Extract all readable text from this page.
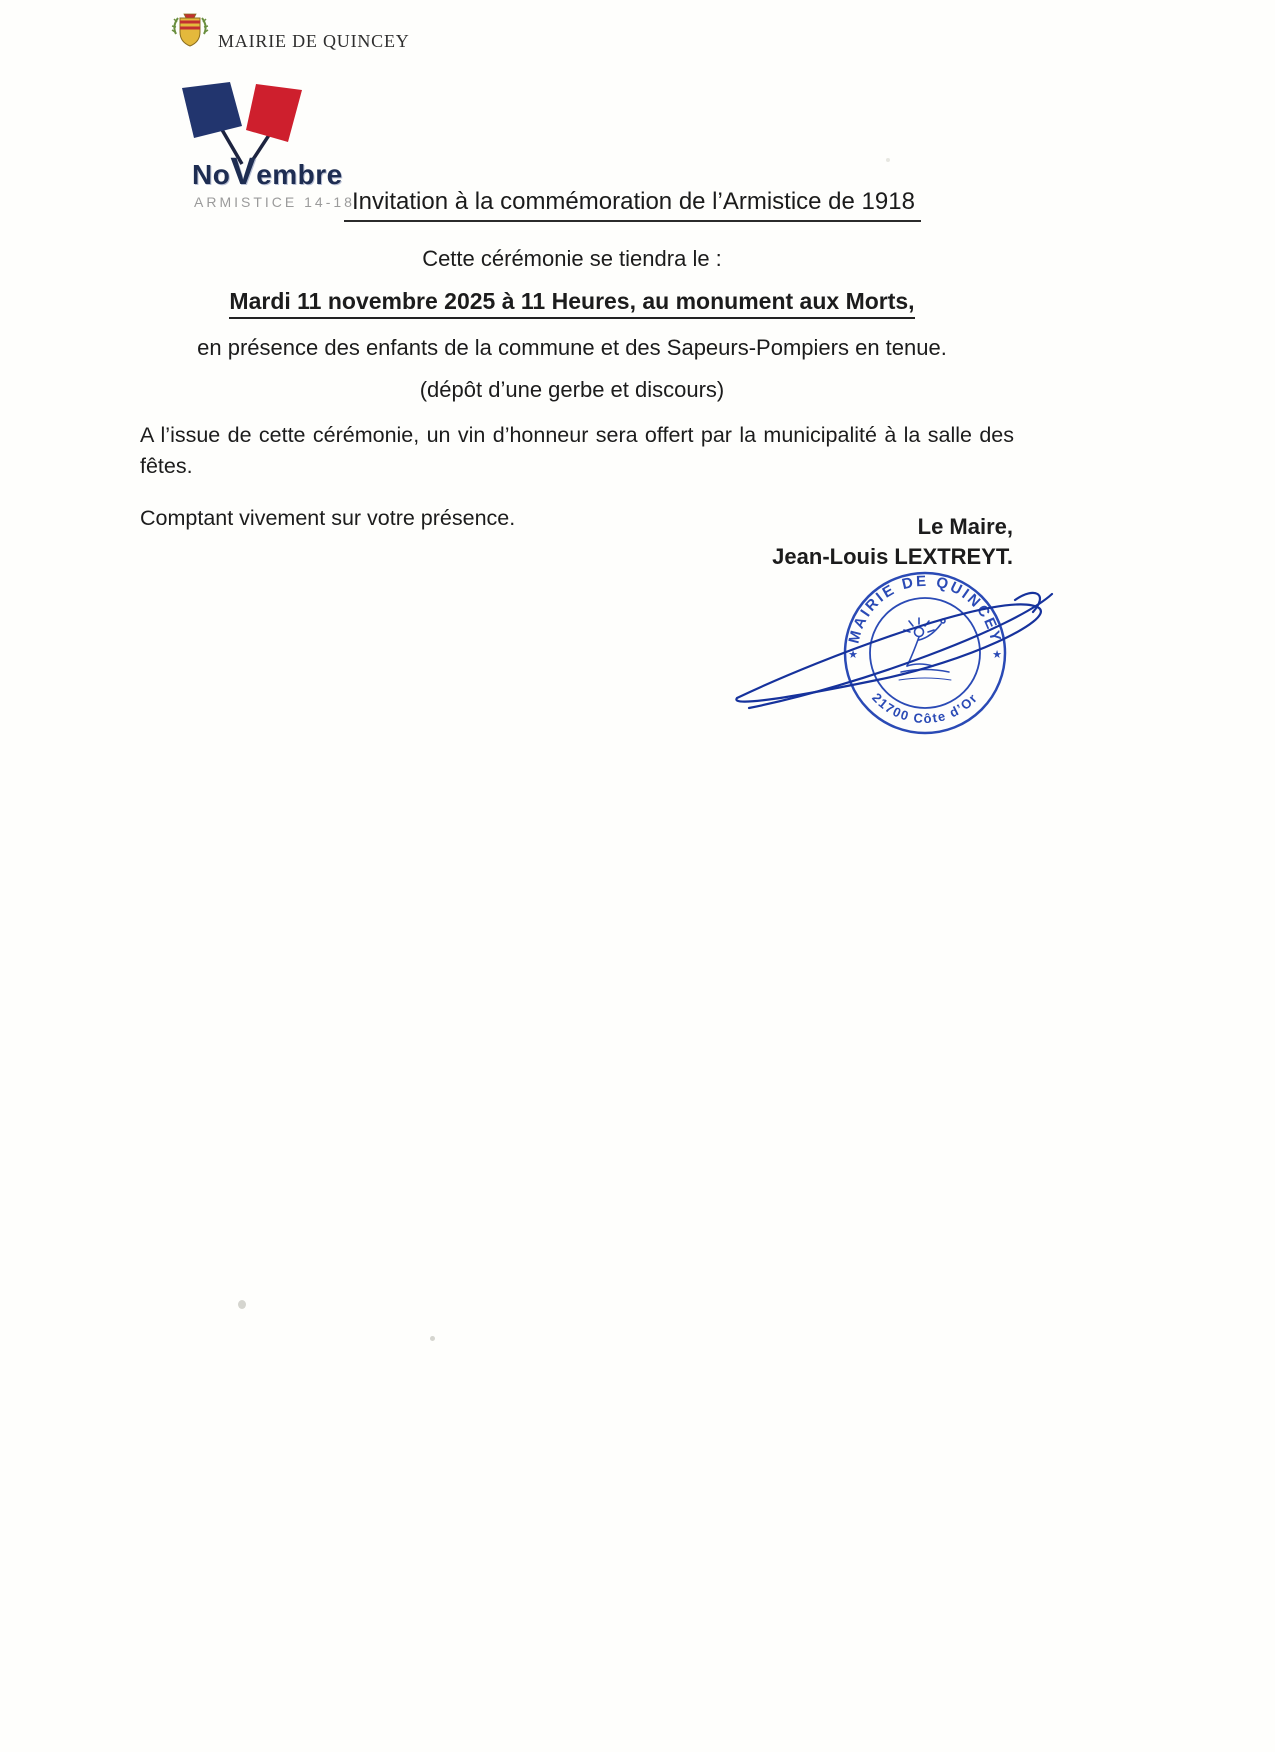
MAIRIE DE QUINCEY
NoVembre
ARMISTICE 14-18
Invitation à la commémoration de l’Armistice de 1918
Cette cérémonie se tiendra le :
Mardi 11 novembre 2025 à 11 Heures, au monument aux Morts,
en présence des enfants de la commune et des Sapeurs-Pompiers en tenue.
(dépôt d’une gerbe et discours)

A l’issue de cette cérémonie, un vin d’honneur sera offert par la municipalité à la salle des fêtes.

Comptant vivement sur votre présence.	Le Maire,
Jean-Louis LEXTREYT.
MAIRIE DE QUINCEY
21700 Côte d’Or
★	★
